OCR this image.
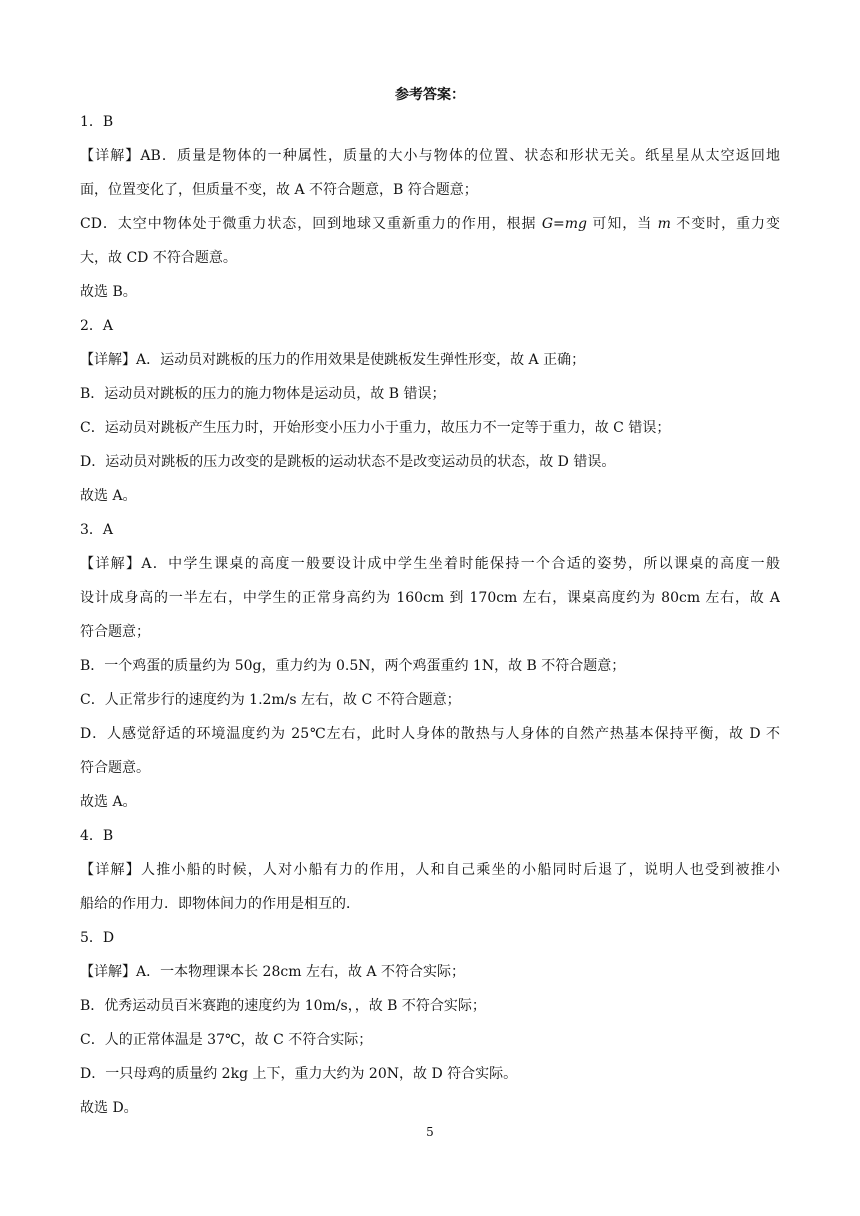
参考答案：
1．B
【详解】AB．质量是物体的一种属性，质量的大小与物体的位置、状态和形状无关。纸星星从太空返回地
面，位置变化了，但质量不变，故 A 不符合题意，B 符合题意；
CD．太空中物体处于微重力状态，回到地球又重新重力的作用，根据 G=mg 可知，当 m 不变时，重力变
大，故 CD 不符合题意。
故选 B。
2．A
【详解】A．运动员对跳板的压力的作用效果是使跳板发生弹性形变，故 A 正确；
B．运动员对跳板的压力的施力物体是运动员，故 B 错误；
C．运动员对跳板产生压力时，开始形变小压力小于重力，故压力不一定等于重力，故 C 错误；
D．运动员对跳板的压力改变的是跳板的运动状态不是改变运动员的状态，故 D 错误。
故选 A。
3．A
【详解】A．中学生课桌的高度一般要设计成中学生坐着时能保持一个合适的姿势，所以课桌的高度一般
设计成身高的一半左右，中学生的正常身高约为 160cm 到 170cm 左右，课桌高度约为 80cm 左右，故 A
符合题意；
B．一个鸡蛋的质量约为 50g，重力约为 0.5N，两个鸡蛋重约 1N，故 B 不符合题意；
C．人正常步行的速度约为 1.2m/s 左右，故 C 不符合题意；
D．人感觉舒适的环境温度约为 25℃左右，此时人身体的散热与人身体的自然产热基本保持平衡，故 D 不
符合题意。
故选 A。
4．B
【详解】人推小船的时候，人对小船有力的作用，人和自己乘坐的小船同时后退了，说明人也受到被推小
船给的作用力．即物体间力的作用是相互的．
5．D
【详解】A．一本物理课本长 28cm 左右，故 A 不符合实际；
B．优秀运动员百米赛跑的速度约为 10m/s，，故 B 不符合实际；
C．人的正常体温是 37℃，故 C 不符合实际；
D．一只母鸡的质量约 2kg 上下，重力大约为 20N，故 D 符合实际。
故选 D。
5
